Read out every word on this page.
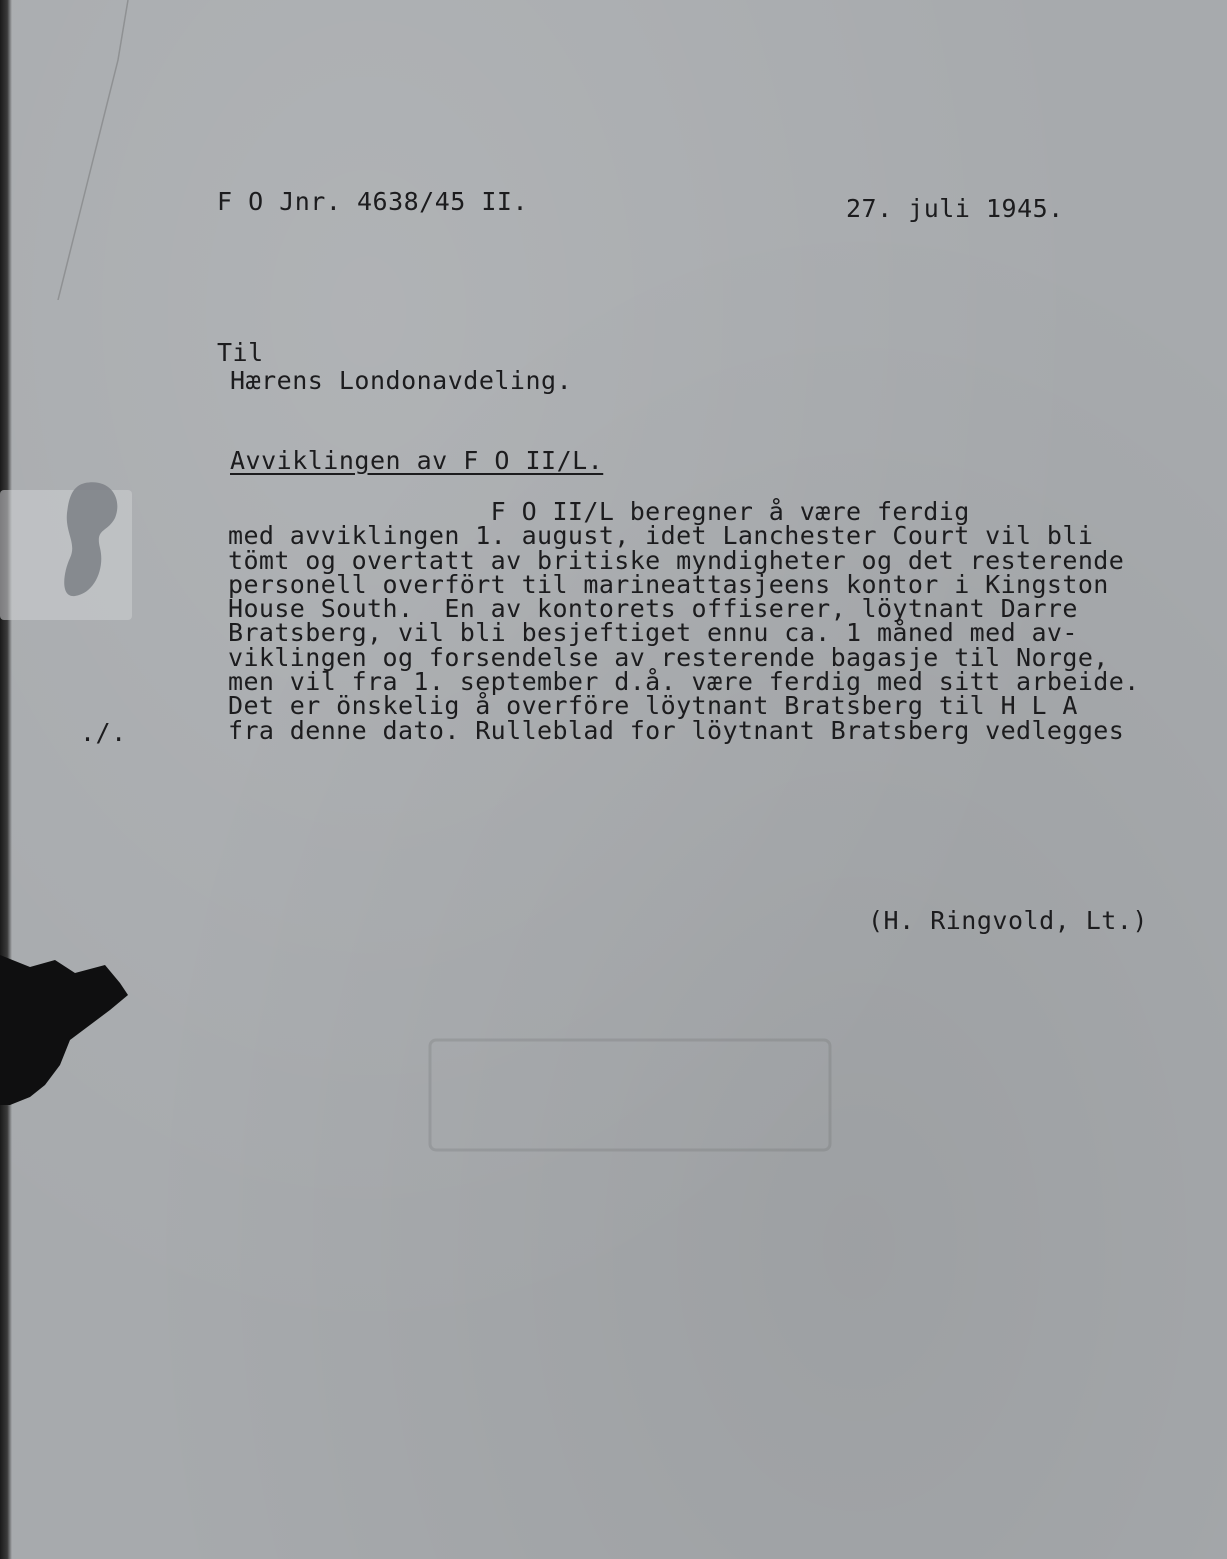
F O Jnr. 4638/45 II.	27. juli 1945.
Til
Hærens Londonavdeling.
Avviklingen av F O II/L.
./.
F O II/L beregner å være ferdig
med avviklingen 1. august, idet Lanchester Court vil bli
tömt og overtatt av britiske myndigheter og det resterende
personell overfört til marineattasjeens kontor i Kingston
House South.  En av kontorets offiserer, löytnant Darre
Bratsberg, vil bli besjeftiget ennu ca. 1 måned med av-
viklingen og forsendelse av resterende bagasje til Norge,
men vil fra 1. september d.å. være ferdig med sitt arbeide.
Det er önskelig å overföre löytnant Bratsberg til H L A
fra denne dato. Rulleblad for löytnant Bratsberg vedlegges
(H. Ringvold, Lt.)
